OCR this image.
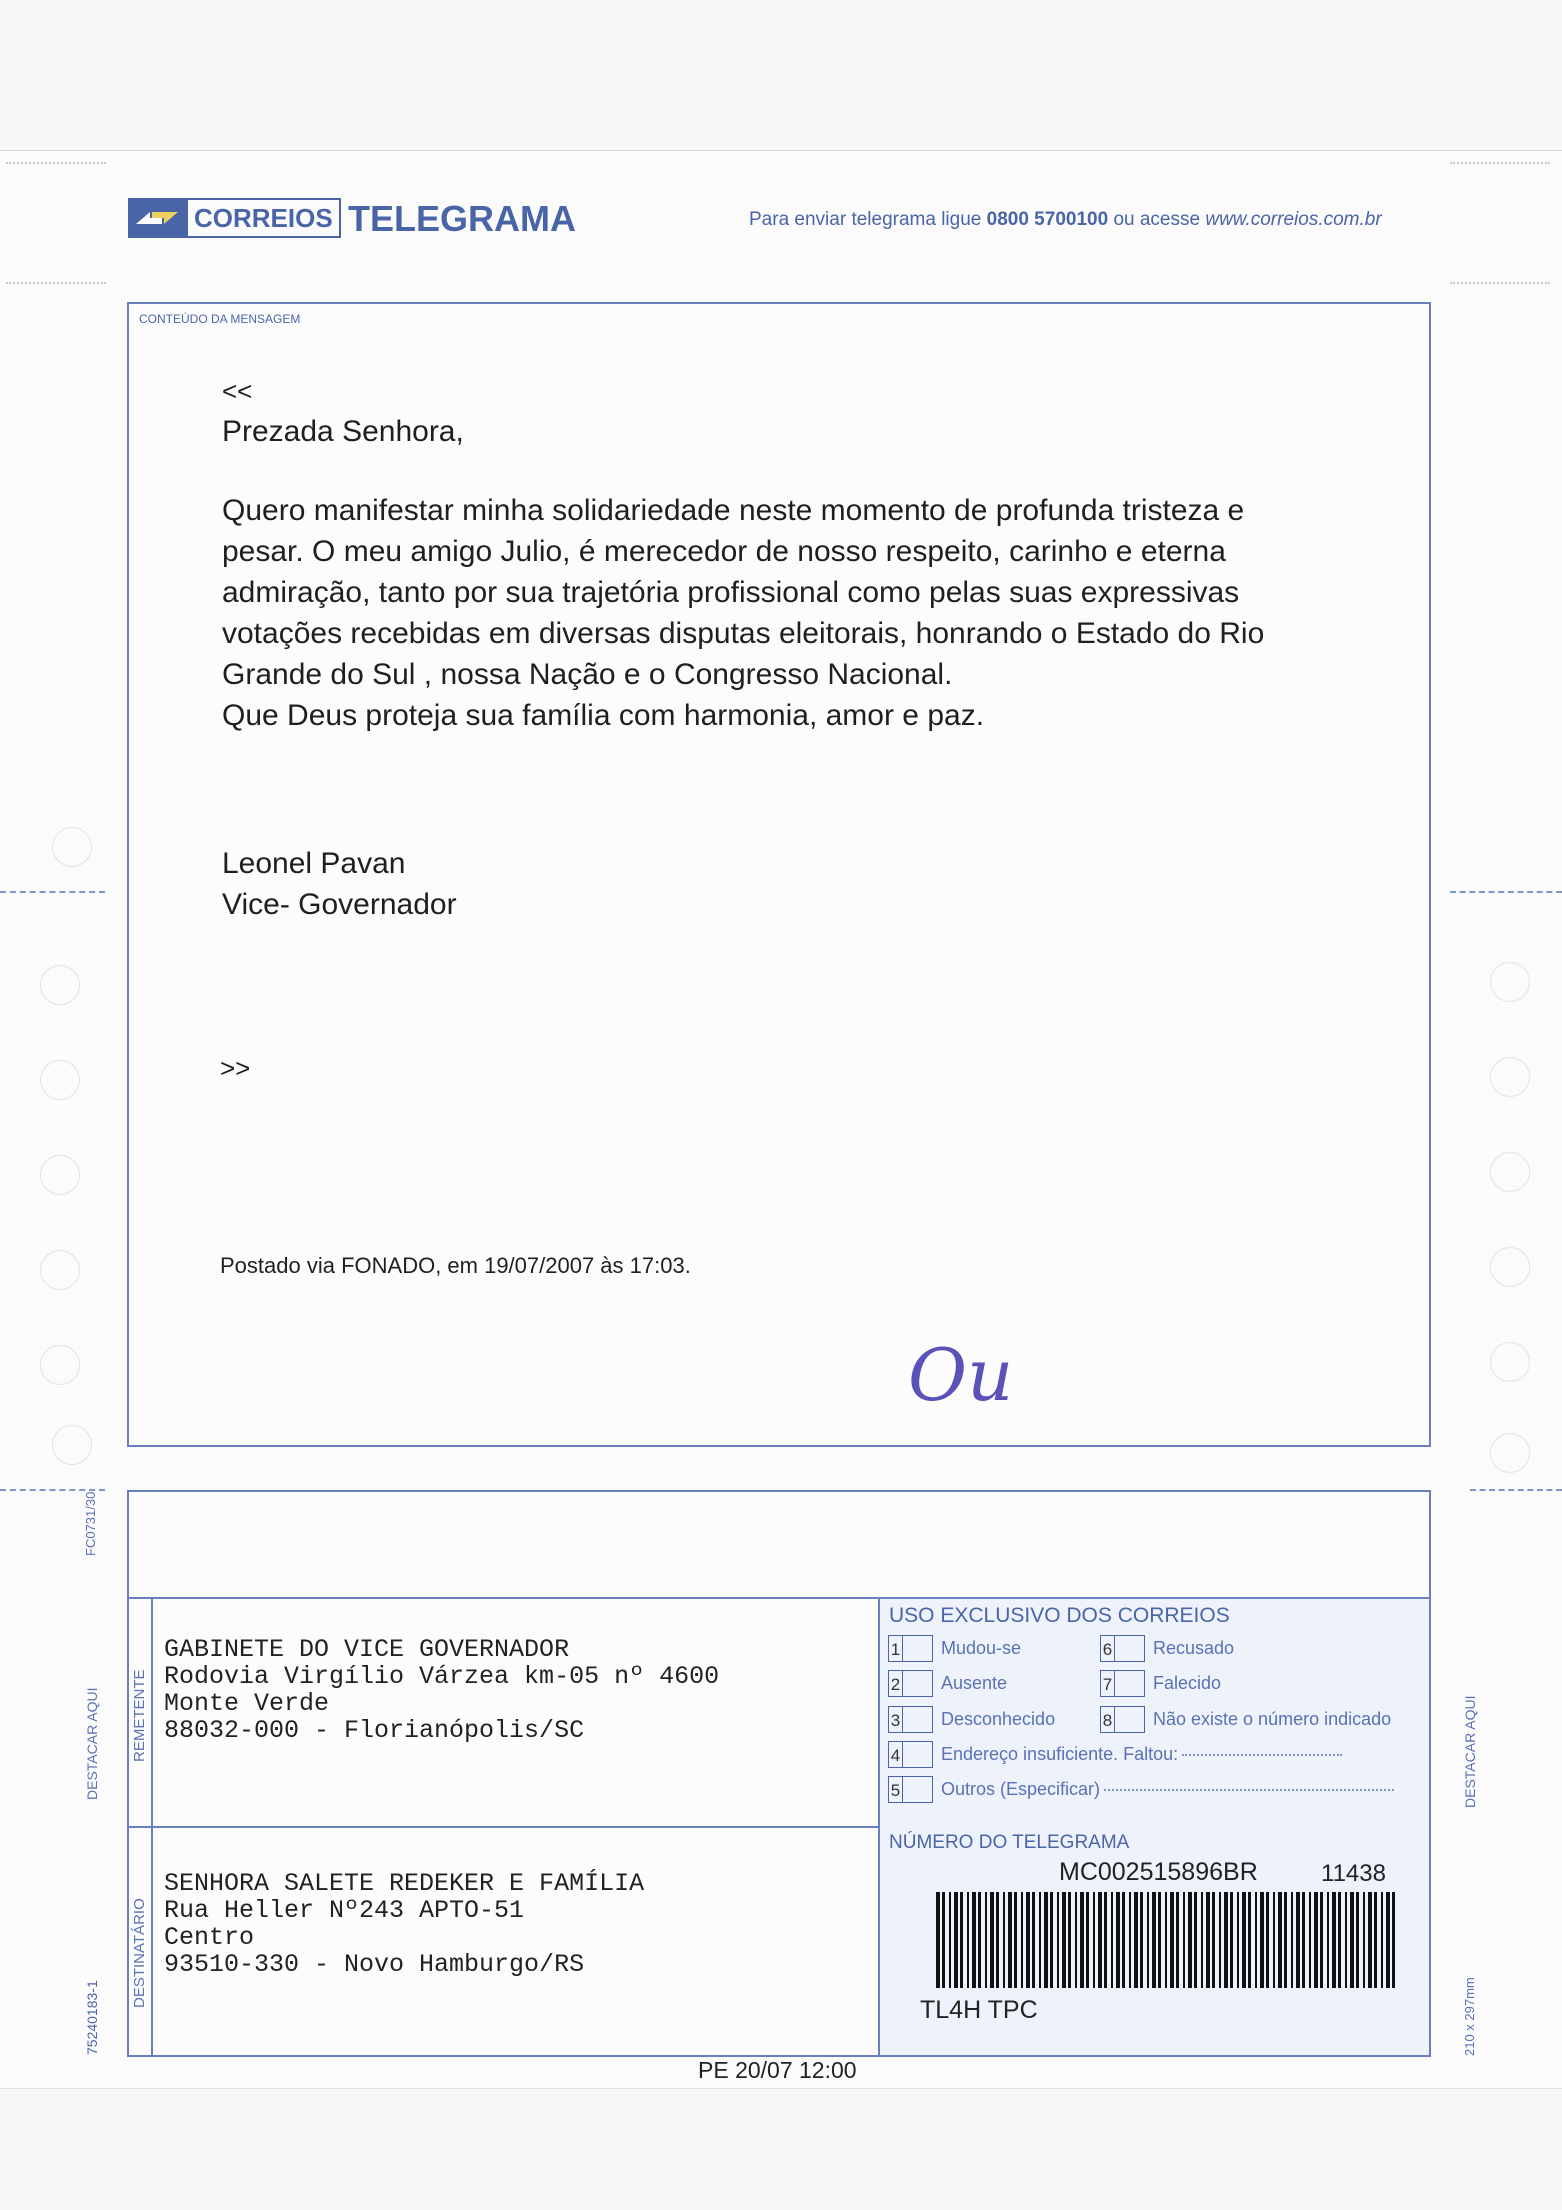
CORREIOS TELEGRAMA	Para enviar telegrama ligue 0800 5700100 ou acesse www.correios.com.br
CONTEÚDO DA MENSAGEM
<<
Prezada Senhora,
Quero manifestar minha solidariedade neste momento de profunda tristeza e
pesar. O meu amigo Julio, é merecedor de nosso respeito, carinho e eterna
admiração, tanto por sua trajetória profissional como pelas suas expressivas
votações recebidas em diversas disputas eleitorais, honrando o Estado do Rio
Grande do Sul , nossa Nação e o Congresso Nacional.
Que Deus proteja sua família com harmonia, amor e paz.
Leonel Pavan
Vice- Governador
>>
Postado via FONADO, em 19/07/2007 às 17:03.
Ou
REMETENTE
DESTINATÁRIO
GABINETE DO VICE GOVERNADOR
Rodovia Virgílio Várzea km-05 nº 4600
Monte Verde
88032-000 - Florianópolis/SC
SENHORA SALETE REDEKER E FAMÍLIA
Rua Heller Nº243 APTO-51
Centro
93510-330 - Novo Hamburgo/RS
USO EXCLUSIVO DOS CORREIOS
1 Mudou-se	6 Recusado
2 Ausente	7 Falecido
3 Desconhecido	8 Não existe o número indicado
4 Endereço insuficiente. Faltou:
5 Outros (Especificar)
NÚMERO DO TELEGRAMA
MC002515896BR	11438
TL4H TPC
FC0731/30
DESTACAR AQUI
75240183-1
DESTACAR AQUI
210 x 297mm
PE 20/07 12:00
